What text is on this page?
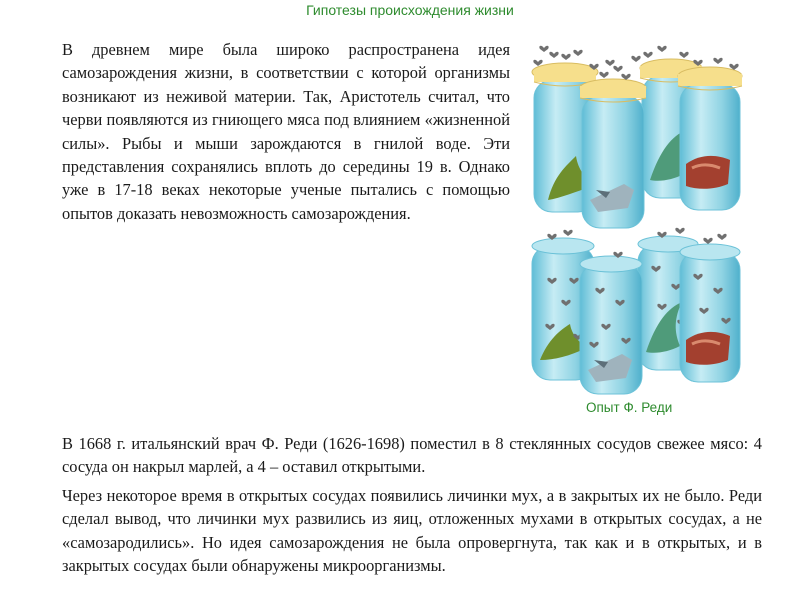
Гипотезы происхождения жизни

В древнем мире была широко распространена идея самозарождения жизни, в соответствии с которой организмы возникают из неживой материи. Так, Аристотель считал, что черви появляются из гниющего мяса под влиянием «жизненной силы». Рыбы и мыши зарождаются в гнилой воде. Эти представления сохранялись вплоть до середины 19 в. Однако уже в 17-18 веках некоторые ученые пытались с помощью опытов доказать невозможность самозарождения.

Опыт Ф. Реди

В 1668 г. итальянский врач Ф. Реди (1626-1698) поместил в 8 стеклянных сосудов свежее мясо: 4 сосуда он накрыл марлей, а 4 – оставил открытыми.

Через некоторое время в открытых сосудах появились личинки мух, а в закрытых их не было. Реди сделал вывод, что личинки мух развились из яиц, отложенных мухами в открытых сосудах, а не «самозародились». Но идея самозарождения не была опровергнута, так как и в открытых, и в закрытых сосудах были обнаружены микроорганизмы.
